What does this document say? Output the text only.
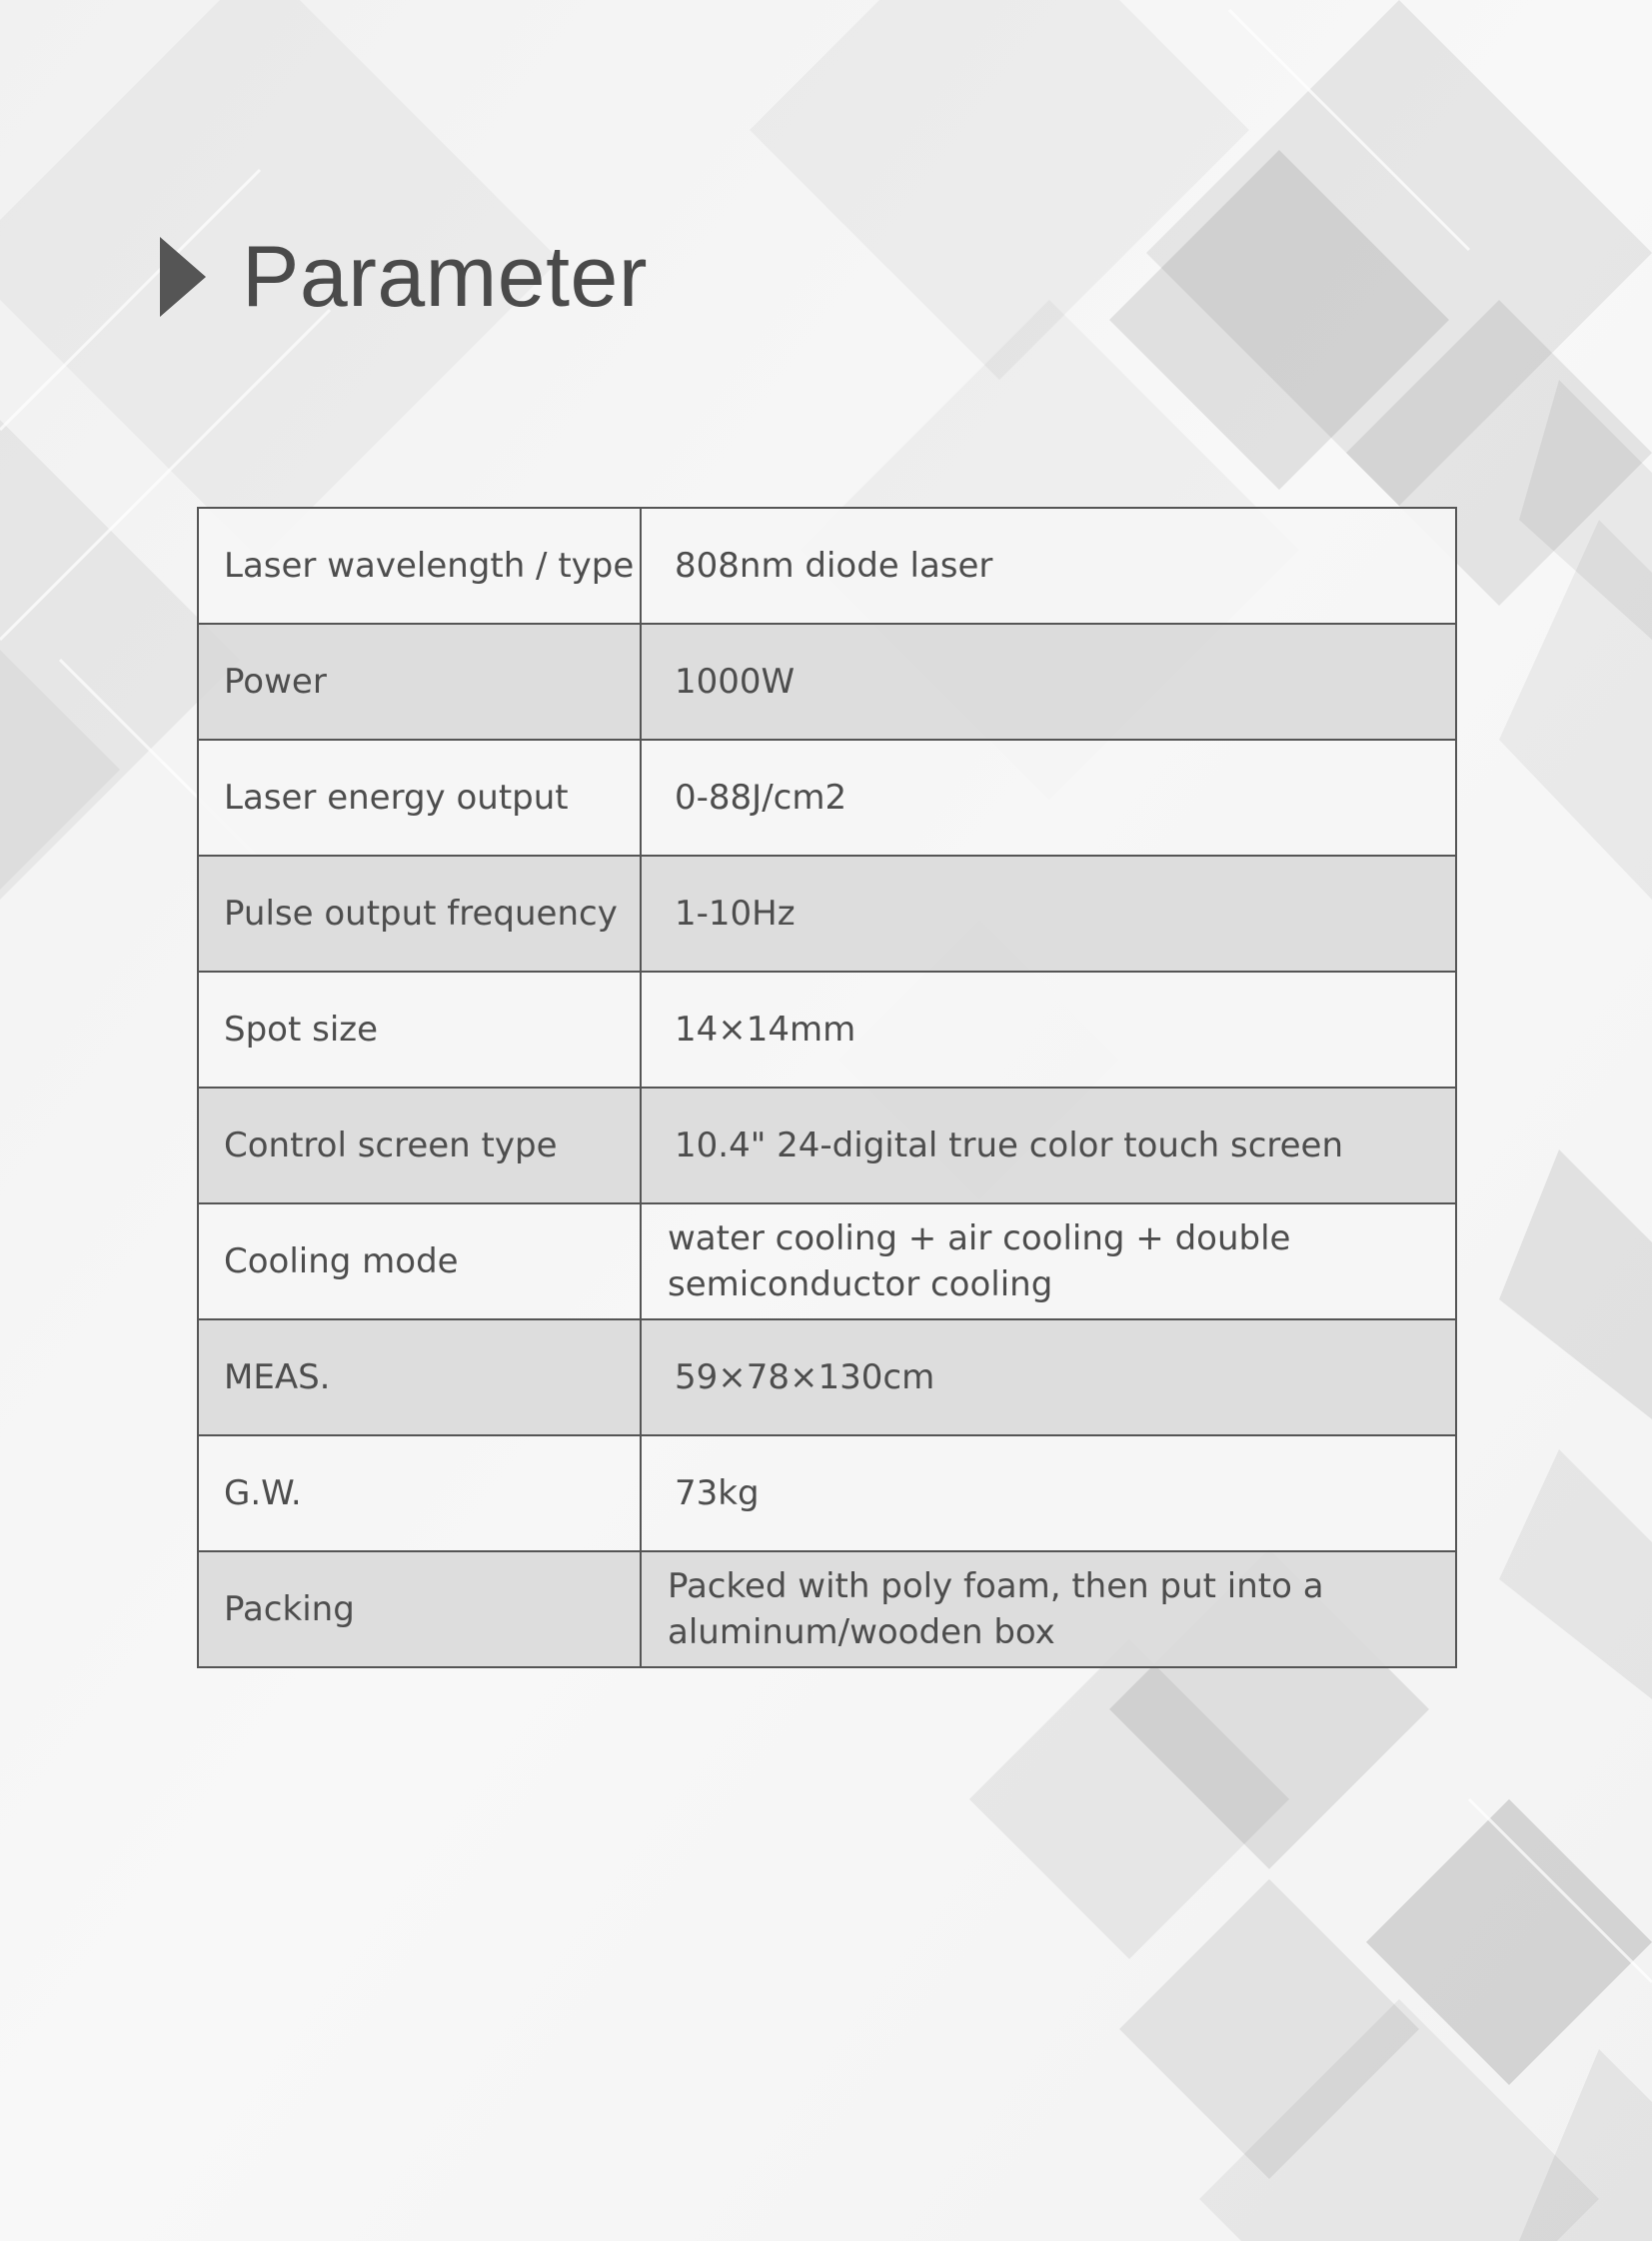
Parameter
Laser wavelength / type	808nm diode laser
Power	1000W
Laser energy output	0-88J/cm2
Pulse output frequency	1-10Hz
Spot size	14×14mm
Control screen type	10.4" 24-digital true color touch screen
Cooling mode	water cooling + air cooling + double semiconductor cooling
MEAS.	59×78×130cm
G.W.	73kg
Packing	Packed with poly foam, then put into a aluminum/wooden box
